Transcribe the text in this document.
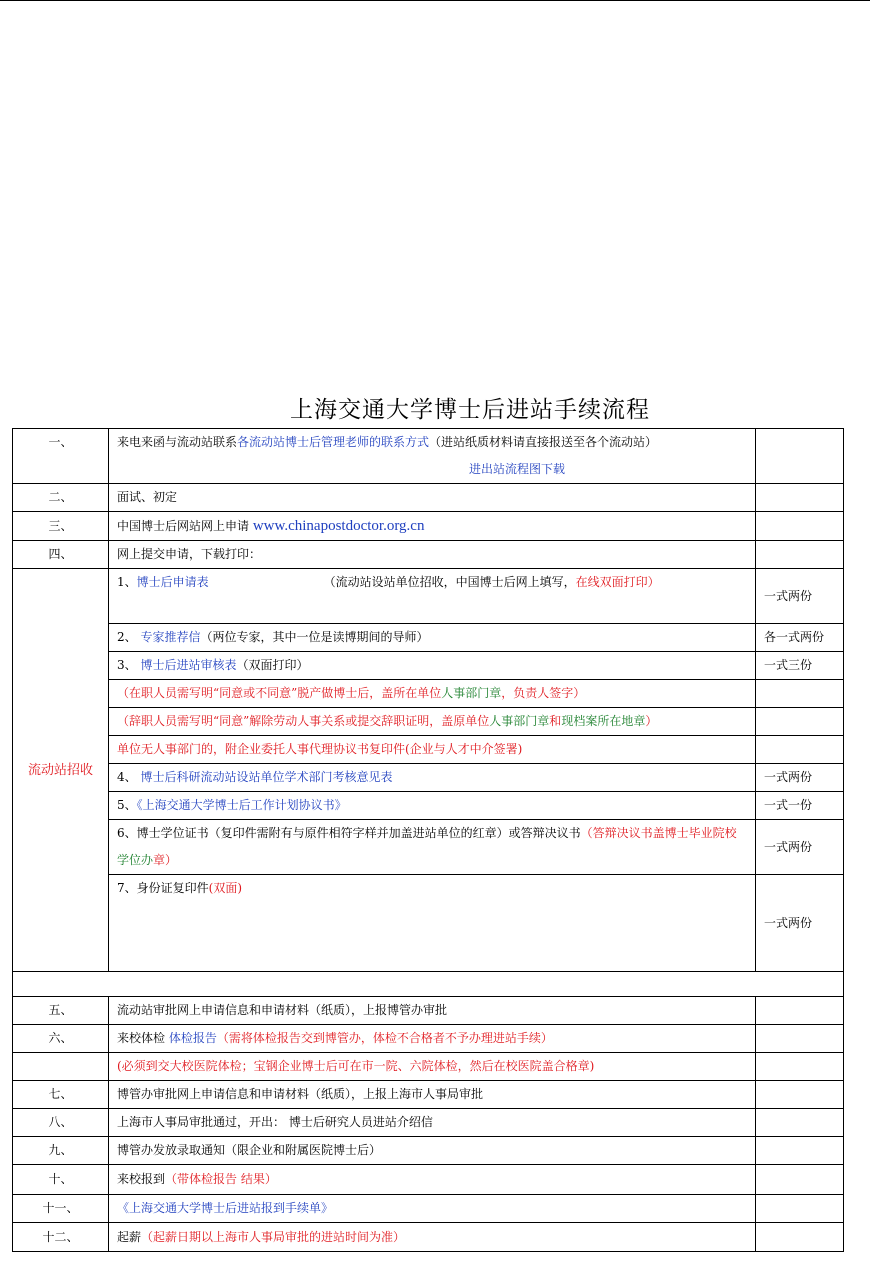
上海交通大学博士后进站手续流程
一、	来电来函与流动站联系各流动站博士后管理老师的联系方式（进站纸质材料请直接报送至各个流动站）
进出站流程图下载	

二、	面试、初定	
三、	中国博士后网站网上申请 www.chinapostdoctor.org.cn	
四、	网上提交申请，下载打印：	
流动站招收	1、博士后申请表 （流动站设站单位招收，中国博士后网上填写，在线双面打印）	一式两份
	2、 专家推荐信（两位专家，其中一位是读博期间的导师）	各一式两份
	3、 博士后进站审核表（双面打印）	一式三份
	（在职人员需写明“同意或不同意”脱产做博士后，盖所在单位人事部门章，负责人签字）	
	（辞职人员需写明“同意”解除劳动人事关系或提交辞职证明，盖原单位人事部门章和现档案所在地章）	
	单位无人事部门的，附企业委托人事代理协议书复印件(企业与人才中介签署)	
	4、 博士后科研流动站设站单位学术部门考核意见表	一式两份
	5、《上海交通大学博士后工作计划协议书》	一式一份
	6、博士学位证书（复印件需附有与原件相符字样并加盖进站单位的红章）或答辩决议书（答辩决议书盖博士毕业院校学位办章）	一式两份
	7、身份证复印件(双面)	一式两份

五、	流动站审批网上申请信息和申请材料（纸质），上报博管办审批	
六、	来校体检 体检报告（需将体检报告交到博管办，体检不合格者不予办理进站手续）	
	(必须到交大校医院体检；宝钢企业博士后可在市一院、六院体检，然后在校医院盖合格章)	
七、	博管办审批网上申请信息和申请材料（纸质），上报上海市人事局审批	
八、	上海市人事局审批通过，开出： 博士后研究人员进站介绍信	
九、	博管办发放录取通知（限企业和附属医院博士后）	
十、	来校报到（带体检报告 结果）	
十一、	《上海交通大学博士后进站报到手续单》	
十二、	起薪（起薪日期以上海市人事局审批的进站时间为准）	
